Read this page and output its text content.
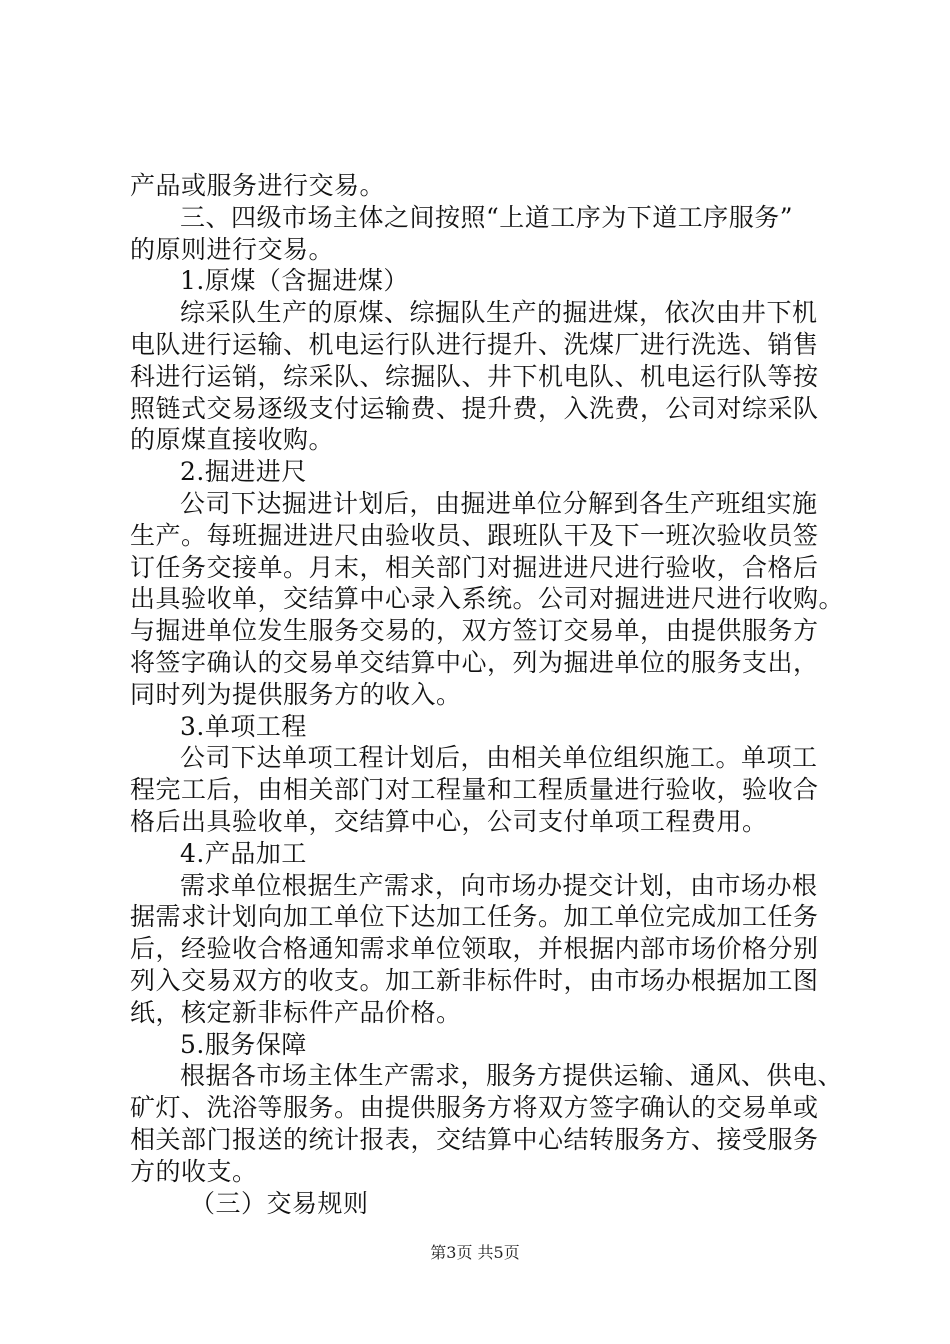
产品或服务进行交易。
三、四级市场主体之间按照“上道工序为下道工序服务”
的原则进行交易。
1.原煤（含掘进煤）
综采队生产的原煤、综掘队生产的掘进煤，依次由井下机
电队进行运输、机电运行队进行提升、洗煤厂进行洗选、销售
科进行运销，综采队、综掘队、井下机电队、机电运行队等按
照链式交易逐级支付运输费、提升费，入洗费，公司对综采队
的原煤直接收购。
2.掘进进尺
公司下达掘进计划后，由掘进单位分解到各生产班组实施
生产。每班掘进进尺由验收员、跟班队干及下一班次验收员签
订任务交接单。月末，相关部门对掘进进尺进行验收，合格后
出具验收单，交结算中心录入系统。公司对掘进进尺进行收购。
与掘进单位发生服务交易的，双方签订交易单，由提供服务方
将签字确认的交易单交结算中心，列为掘进单位的服务支出，
同时列为提供服务方的收入。
3.单项工程
公司下达单项工程计划后，由相关单位组织施工。单项工
程完工后，由相关部门对工程量和工程质量进行验收，验收合
格后出具验收单，交结算中心，公司支付单项工程费用。
4.产品加工
需求单位根据生产需求，向市场办提交计划，由市场办根
据需求计划向加工单位下达加工任务。加工单位完成加工任务
后，经验收合格通知需求单位领取，并根据内部市场价格分别
列入交易双方的收支。加工新非标件时，由市场办根据加工图
纸，核定新非标件产品价格。
5.服务保障
根据各市场主体生产需求，服务方提供运输、通风、供电、
矿灯、洗浴等服务。由提供服务方将双方签字确认的交易单或
相关部门报送的统计报表，交结算中心结转服务方、接受服务
方的收支。
（三）交易规则
第3页 共5页
